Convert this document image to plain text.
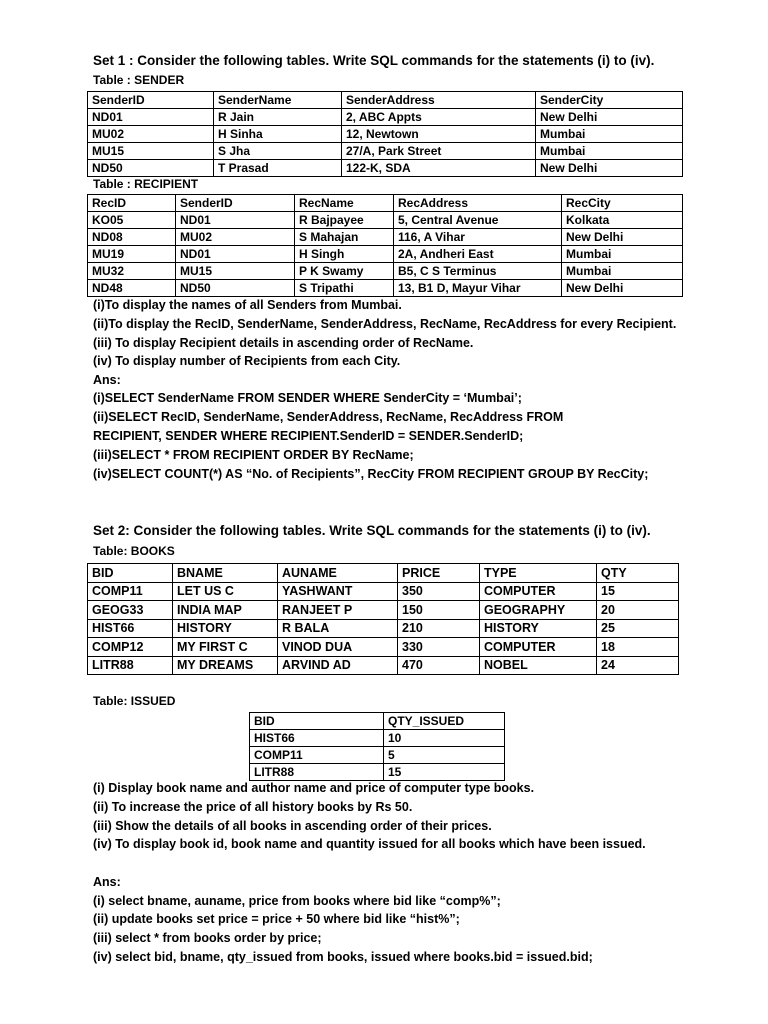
Set 1 : Consider the following tables. Write SQL commands for the statements (i) to (iv).
Table : SENDER
SenderID	SenderName	SenderAddress	SenderCity
ND01	R Jain	2, ABC Appts	New Delhi
MU02	H Sinha	12, Newtown	Mumbai
MU15	S Jha	27/A, Park Street	Mumbai
ND50	T Prasad	122-K, SDA	New Delhi
Table : RECIPIENT
RecID	SenderID	RecName	RecAddress	RecCity
KO05	ND01	R Bajpayee	5, Central Avenue	Kolkata
ND08	MU02	S Mahajan	116, A Vihar	New Delhi
MU19	ND01	H Singh	2A, Andheri East	Mumbai
MU32	MU15	P K Swamy	B5, C S Terminus	Mumbai
ND48	ND50	S Tripathi	13, B1 D, Mayur Vihar	New Delhi
(i)To display the names of all Senders from Mumbai.
(ii)To display the RecID, SenderName, SenderAddress, RecName, RecAddress for every Recipient.
(iii) To display Recipient details in ascending order of RecName.
(iv) To display number of Recipients from each City.
Ans:
(i)SELECT SenderName FROM SENDER WHERE SenderCity = ‘Mumbai’;
(ii)SELECT RecID, SenderName, SenderAddress, RecName, RecAddress FROM
RECIPIENT, SENDER WHERE RECIPIENT.SenderID = SENDER.SenderID;
(iii)SELECT * FROM RECIPIENT ORDER BY RecName;
(iv)SELECT COUNT(*) AS “No. of Recipients”, RecCity FROM RECIPIENT GROUP BY RecCity;
Set 2: Consider the following tables. Write SQL commands for the statements (i) to (iv).
Table: BOOKS
BID	BNAME	AUNAME	PRICE	TYPE	QTY
COMP11	LET US C	YASHWANT	350	COMPUTER	15
GEOG33	INDIA MAP	RANJEET P	150	GEOGRAPHY	20
HIST66	HISTORY	R BALA	210	HISTORY	25
COMP12	MY FIRST C	VINOD DUA	330	COMPUTER	18
LITR88	MY DREAMS	ARVIND AD	470	NOBEL	24
Table: ISSUED
BID	QTY_ISSUED
HIST66	10
COMP11	5
LITR88	15
(i) Display book name and author name and price of computer type books.
(ii) To increase the price of all history books by Rs 50.
(iii) Show the details of all books in ascending order of their prices.
(iv) To display book id, book name and quantity issued for all books which have been issued.
Ans:
(i) select bname, auname, price from books where bid like “comp%”;
(ii) update books set price = price + 50 where bid like “hist%”;
(iii) select * from books order by price;
(iv) select bid, bname, qty_issued from books, issued where books.bid = issued.bid;
